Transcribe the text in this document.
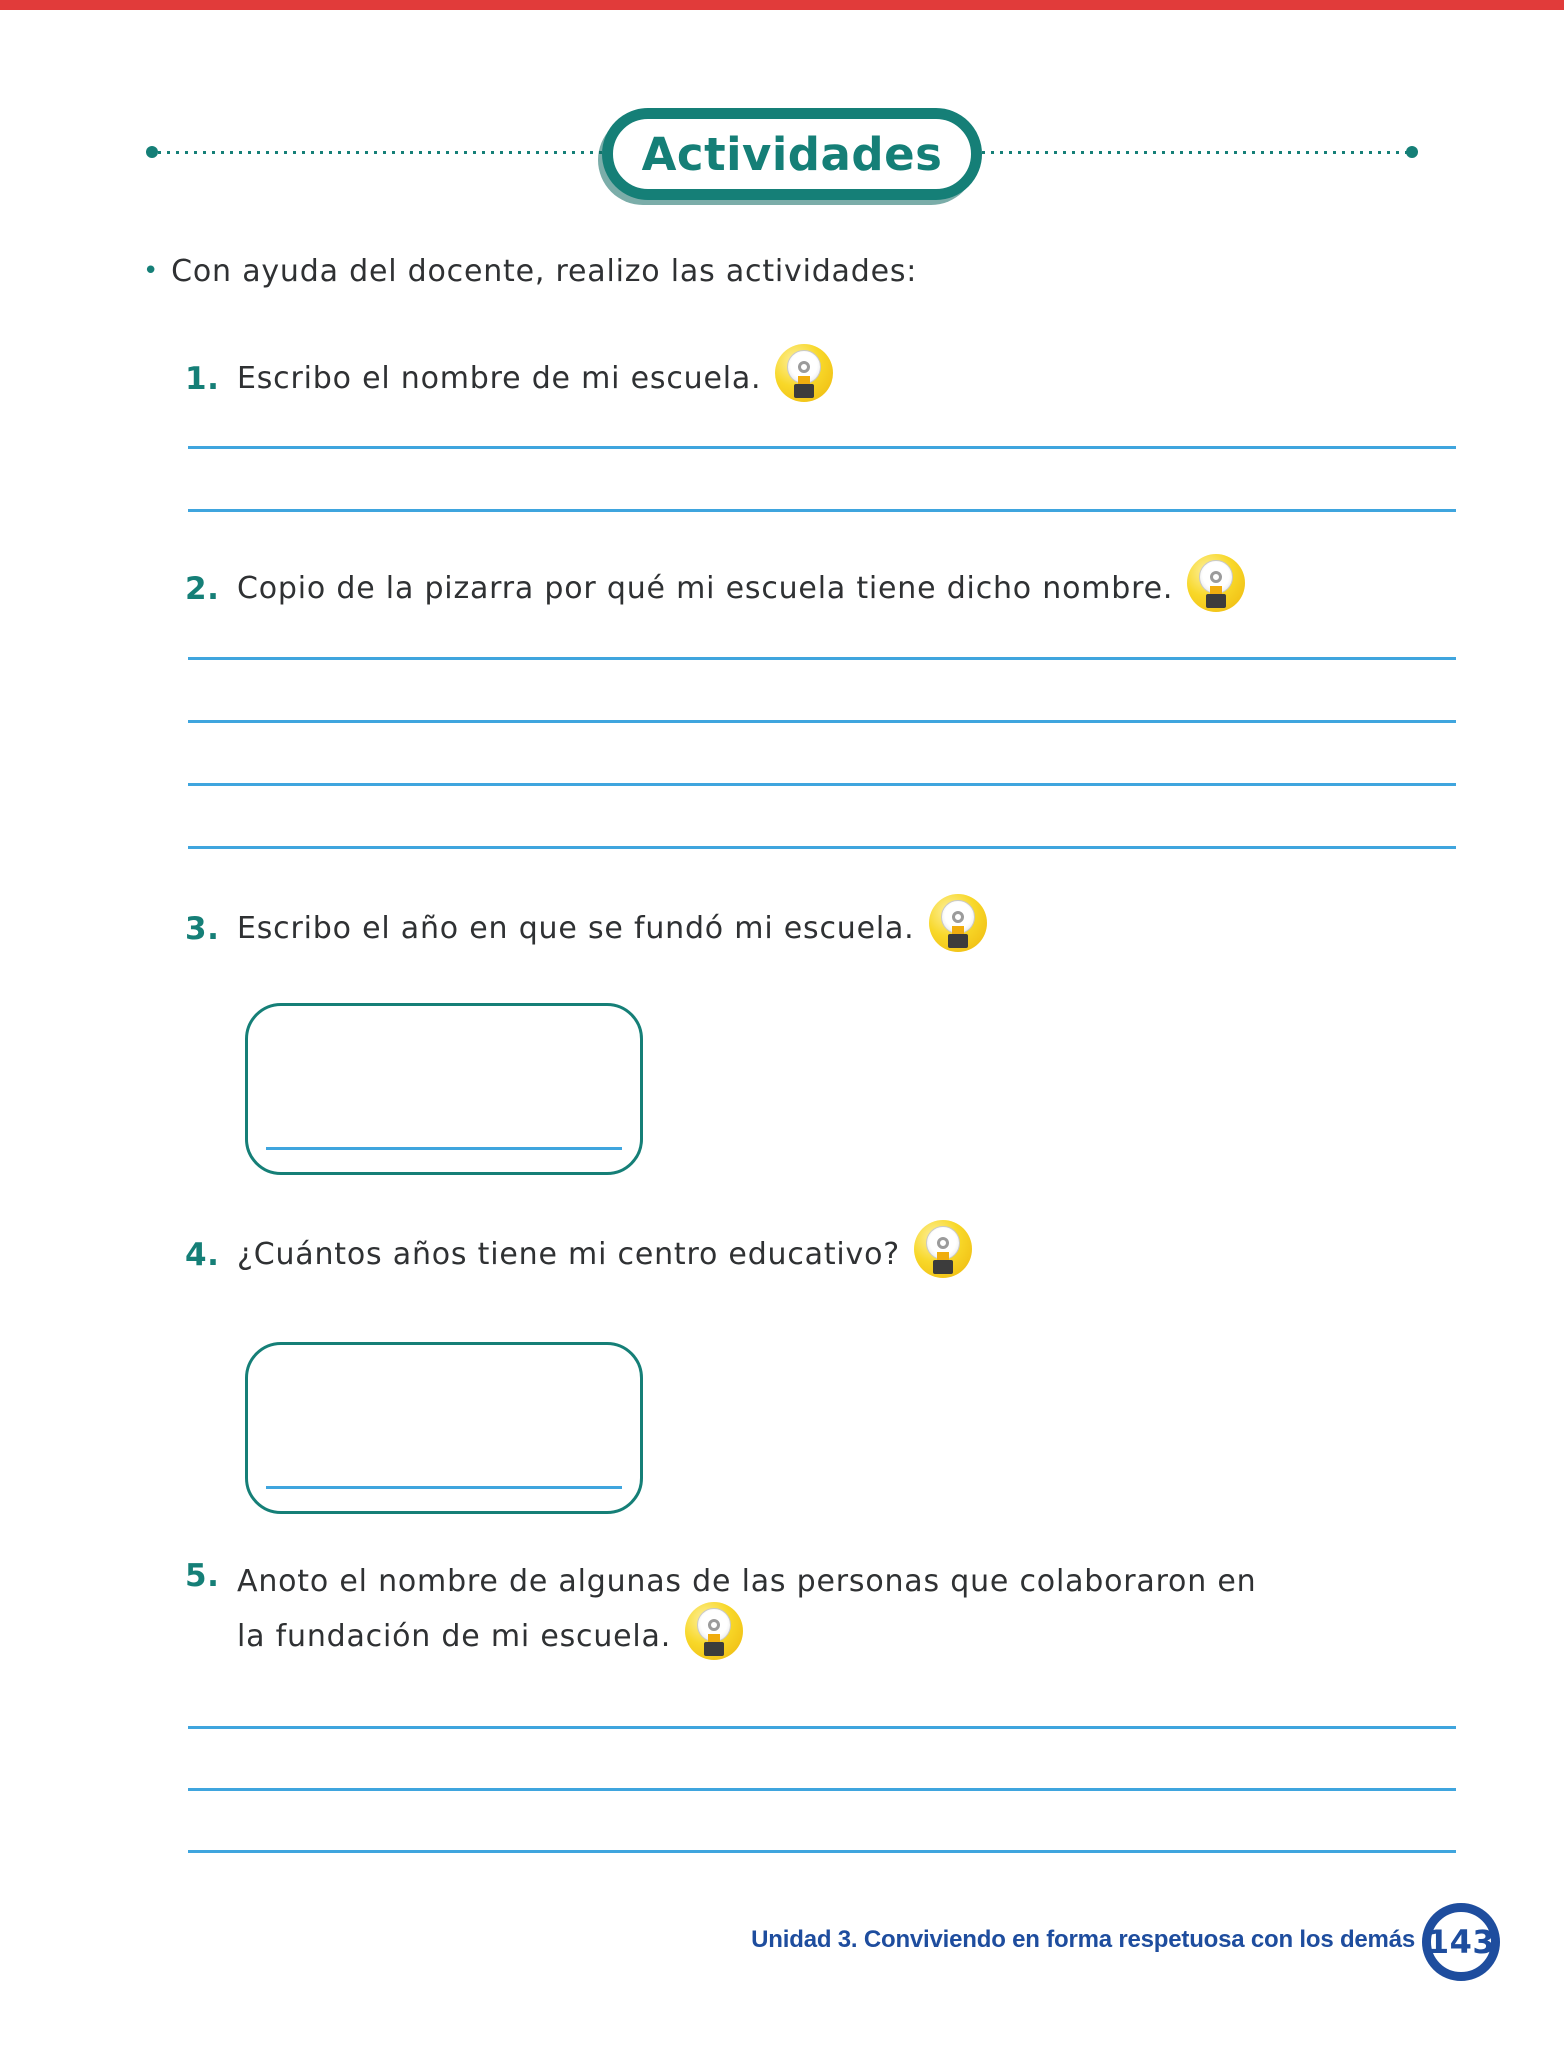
Actividades
• Con ayuda del docente, realizo las actividades:
1. Escribo el nombre de mi escuela.
2. Copio de la pizarra por qué mi escuela tiene dicho nombre.
3. Escribo el año en que se fundó mi escuela.
4. ¿Cuántos años tiene mi centro educativo?
5. Anoto el nombre de algunas de las personas que colaboraron en
la fundación de mi escuela.
Unidad 3. Conviviendo en forma respetuosa con los demás 143
